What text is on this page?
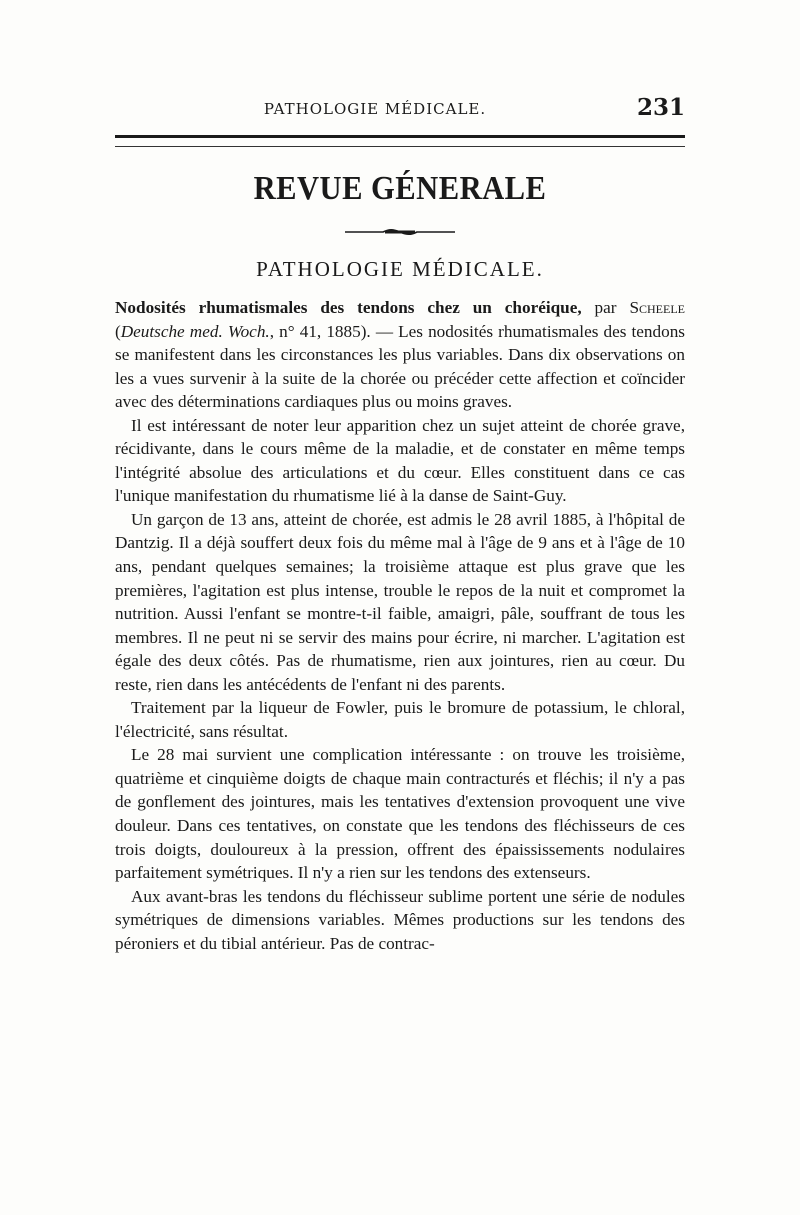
PATHOLOGIE MÉDICALE.	231
REVUE GÉNERALE
PATHOLOGIE MÉDICALE.

Nodosités rhumatismales des tendons chez un choréique, par Scheele (Deutsche med. Woch., n° 41, 1885). — Les nodosités rhumatismales des tendons se manifestent dans les circonstances les plus variables. Dans dix observations on les a vues survenir à la suite de la chorée ou précéder cette affection et coïncider avec des déterminations cardiaques plus ou moins graves.

Il est intéressant de noter leur apparition chez un sujet atteint de chorée grave, récidivante, dans le cours même de la maladie, et de constater en même temps l'intégrité absolue des articulations et du cœur. Elles constituent dans ce cas l'unique manifestation du rhumatisme lié à la danse de Saint-Guy.

Un garçon de 13 ans, atteint de chorée, est admis le 28 avril 1885, à l'hôpital de Dantzig. Il a déjà souffert deux fois du même mal à l'âge de 9 ans et à l'âge de 10 ans, pendant quelques semaines; la troisième attaque est plus grave que les premières, l'agitation est plus intense, trouble le repos de la nuit et compromet la nutrition. Aussi l'enfant se montre-t-il faible, amaigri, pâle, souffrant de tous les membres. Il ne peut ni se servir des mains pour écrire, ni marcher. L'agitation est égale des deux côtés. Pas de rhumatisme, rien aux jointures, rien au cœur. Du reste, rien dans les antécédents de l'enfant ni des parents.

Traitement par la liqueur de Fowler, puis le bromure de potassium, le chloral, l'électricité, sans résultat.

Le 28 mai survient une complication intéressante : on trouve les troisième, quatrième et cinquième doigts de chaque main contracturés et fléchis; il n'y a pas de gonflement des jointures, mais les tentatives d'extension provoquent une vive douleur. Dans ces tentatives, on constate que les tendons des fléchisseurs de ces trois doigts, douloureux à la pression, offrent des épaississements nodulaires parfaitement symétriques. Il n'y a rien sur les tendons des extenseurs.

Aux avant-bras les tendons du fléchisseur sublime portent une série de nodules symétriques de dimensions variables. Mêmes productions sur les tendons des péroniers et du tibial antérieur. Pas de contrac-
